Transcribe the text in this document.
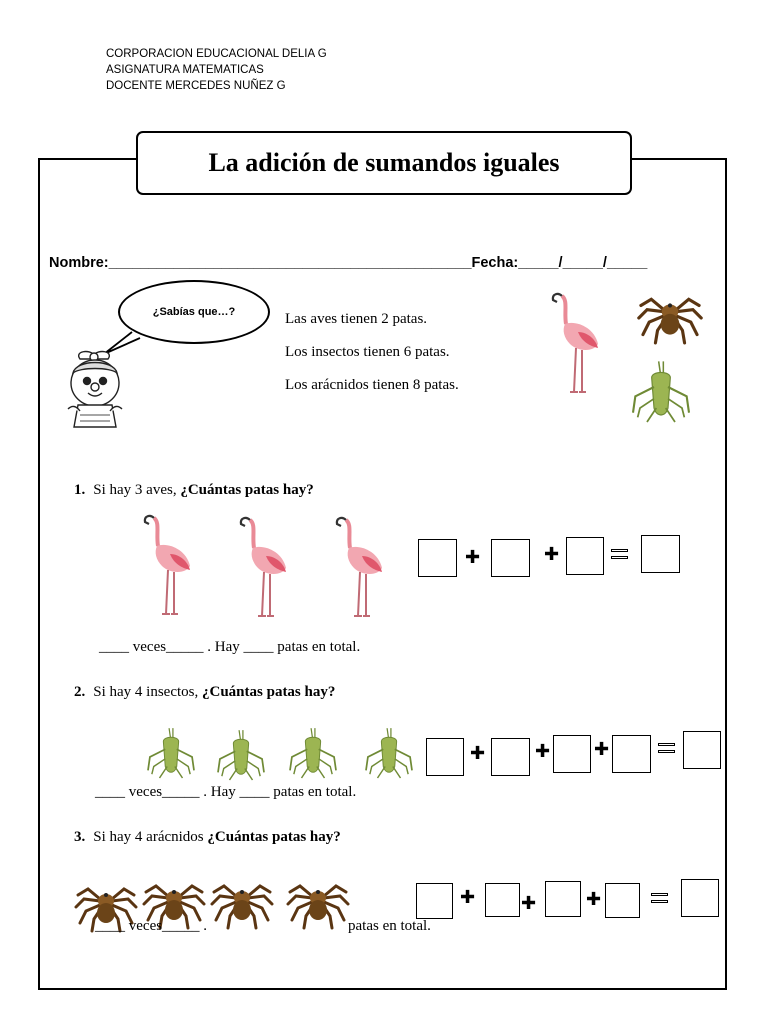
CORPORACION EDUCACIONAL DELIA G
ASIGNATURA MATEMATICAS
DOCENTE MERCEDES NUÑEZ G
La adición de sumandos iguales
Nombre:_____________________________________________Fecha:_____/_____/_____
¿Sabías que…?	Las aves tienen 2 patas.
Los insectos tienen 6 patas.
Los arácnidos tienen 8 patas.
1. Si hay 3 aves, ¿Cuántas patas hay?
✚	✚
____ veces_____ . Hay ____ patas en total.
2. Si hay 4 insectos, ¿Cuántas patas hay?
✚	✚ ✚
____ veces_____ . Hay ____ patas en total.
3. Si hay 4 arácnidos ¿Cuántas patas hay?
✚	✚	✚
____ veces_____ .	patas en total.
